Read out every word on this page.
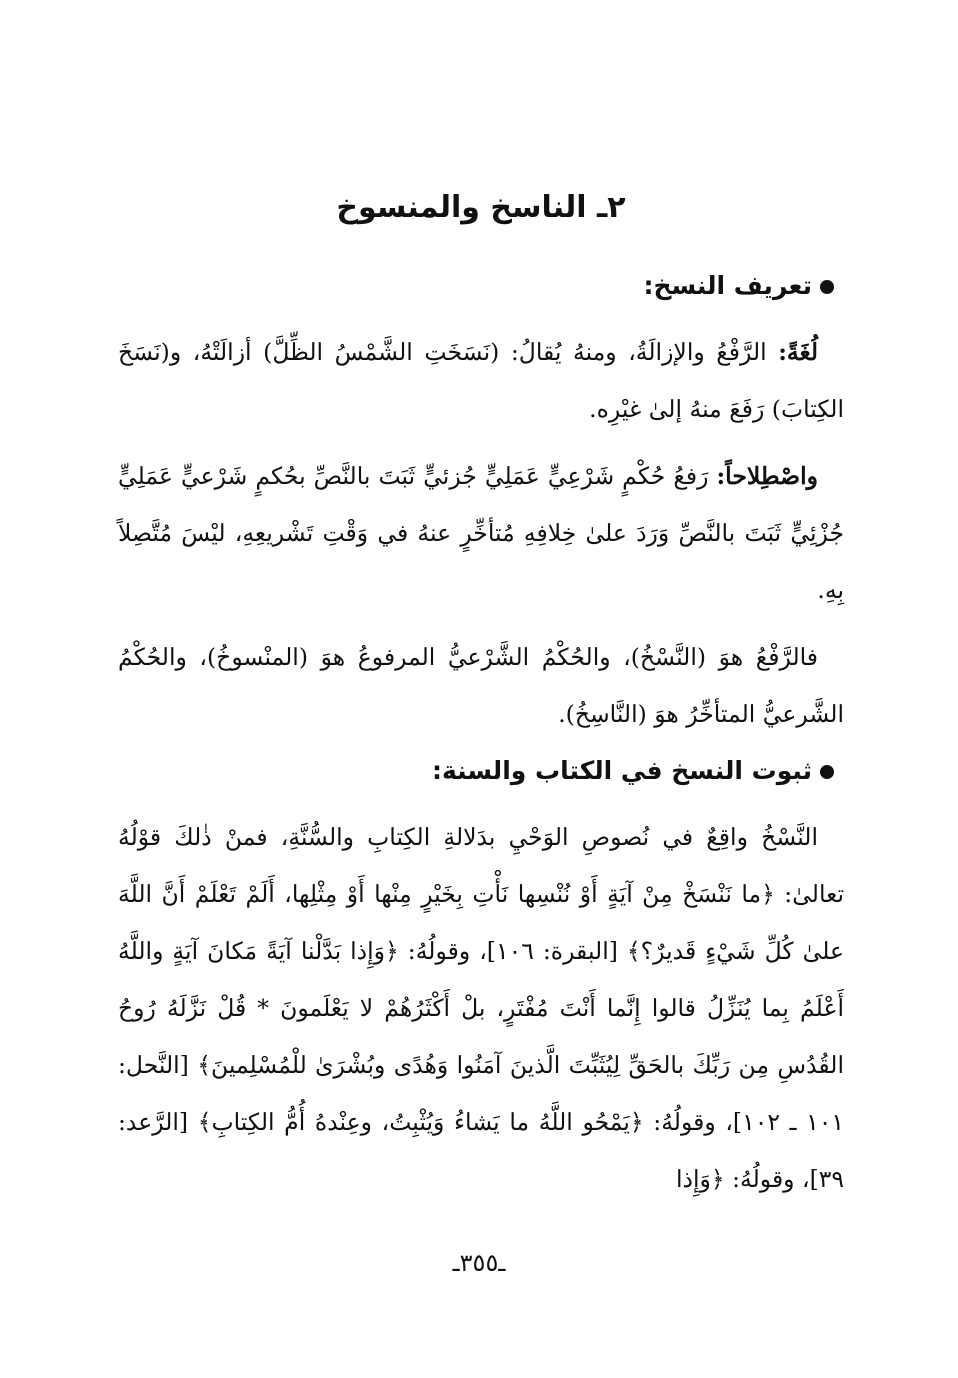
٢ـ الناسخ والمنسوخ
تعريف النسخ:

لُغَةً: الرَّفْعُ والإزالَةُ، ومنهُ يُقالُ: (نَسَخَتِ الشَّمْسُ الظِّلَّ) أزالَتْهُ، و(نَسَخَ الكِتابَ) رَفَعَ منهُ إلىٰ غيْرِه.

واصْطِلاحاً: رَفعُ حُكْمٍ شَرْعِيٍّ عَمَلِيٍّ جُزئيٍّ ثَبَتَ بالنَّصِّ بحُكمٍ شَرْعيٍّ عَمَلِيٍّ جُزْئِيٍّ ثَبَتَ بالنَّصِّ وَرَدَ علىٰ خِلافِهِ مُتأخِّرٍ عنهُ في وَقْتِ تَشْريعِهِ، ليْسَ مُتَّصِلاً بِهِ.

فالرَّفْعُ هوَ (النَّسْخُ)، والحُكْمُ الشَّرْعيُّ المرفوعُ هوَ (المنْسوخُ)، والحُكْمُ الشَّرعيُّ المتأخِّرُ هوَ (النَّاسِخُ).

ثبوت النسخ في الكتاب والسنة:

النَّسْخُ واقِعٌ في نُصوصِ الوَحْيِ بدَلالةِ الكِتابِ والسُّنَّةِ، فمنْ ذٰلكَ قوْلُهُ تعالىٰ: ﴿ما نَنْسَخْ مِنْ آيَةٍ أَوْ نُنْسِها نَأْتِ بِخَيْرٍ مِنْها أَوْ مِثْلِها، أَلَمْ تَعْلَمْ أَنَّ اللَّهَ علىٰ كُلِّ شَيْءٍ قَديرٌ؟﴾ [البقرة: ١٠٦]، وقولُهُ: ﴿وَإِذا بَدَّلْنا آيَةً مَكانَ آيَةٍ واللَّهُ أَعْلَمُ بِما يُنَزِّلُ قالوا إِنَّما أَنْتَ مُفْتَرٍ، بلْ أَكْثَرُهُمْ لا يَعْلَمونَ * قُلْ نَزَّلَهُ رُوحُ القُدُسِ مِن رَبِّكَ بالحَقِّ لِيُثَبِّتَ الَّذينَ آمَنُوا وَهُدًى وبُشْرَىٰ للْمُسْلِمينَ﴾ [النَّحل: ١٠١ ـ ١٠٢]، وقولُهُ: ﴿يَمْحُو اللَّهُ ما يَشاءُ وَيُثْبِتُ، وعِنْدهُ أُمُّ الكِتابِ﴾ [الرَّعد: ٣٩]، وقولُهُ: ﴿وَإِذا

ـ٣٥٥ـ
